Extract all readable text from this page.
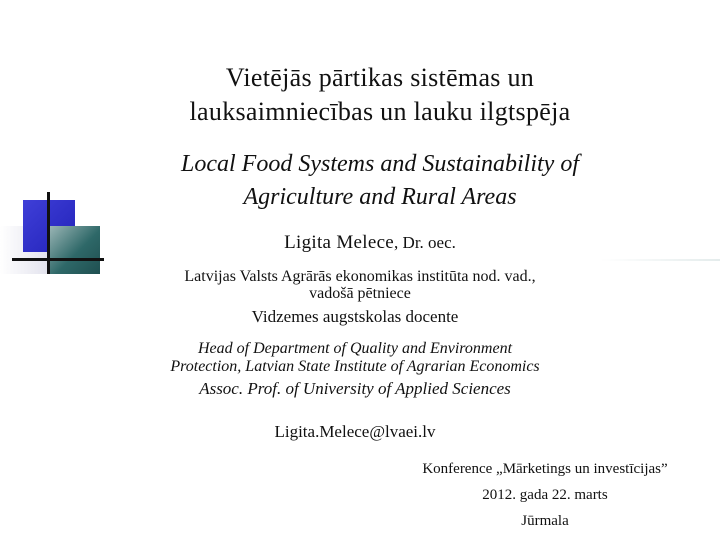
Vietējās pārtikas sistēmas un
lauksaimniecības un lauku ilgtspēja
Local Food Systems and Sustainability of
Agriculture and Rural Areas
Ligita Melece, Dr. oec.
Latvijas Valsts Agrārās ekonomikas institūta nod. vad.,
vadošā pētniece
Vidzemes augstskolas docente
Head of Department of Quality and Environment
Protection, Latvian State Institute of Agrarian Economics
Assoc. Prof. of University of Applied Sciences
Ligita.Melece@lvaei.lv
Konference „Mārketings un investīcijas”
2012. gada 22. marts
Jūrmala
